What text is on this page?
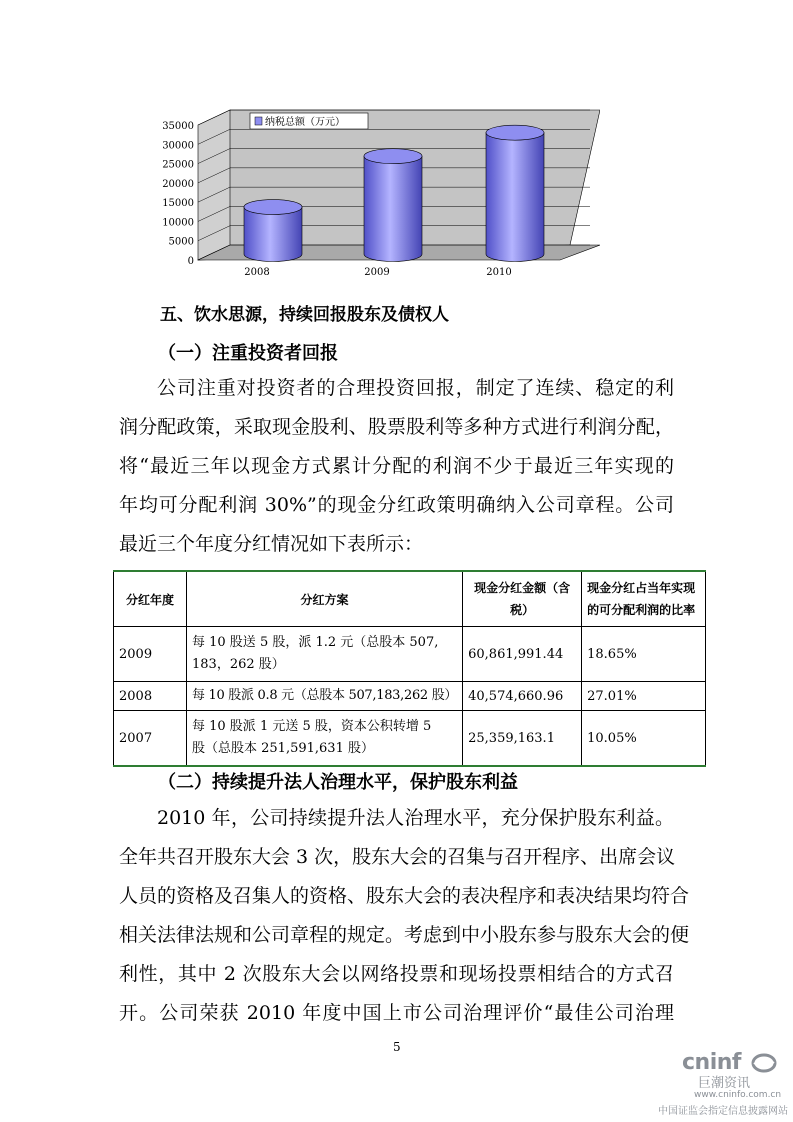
35000
30000
25000
20000
15000
10000
5000
0
2008	2009	2010
纳税总额（万元）
五、饮水思源，持续回报股东及债权人
（一）注重投资者回报
公司注重对投资者的合理投资回报，制定了连续、稳定的利
润分配政策，采取现金股利、股票股利等多种方式进行利润分配，
将“最近三年以现金方式累计分配的利润不少于最近三年实现的
年均可分配利润 30%”的现金分红政策明确纳入公司章程。公司
最近三个年度分红情况如下表所示：
分红年度	分红方案	现金分红金额（含税）	现金分红占当年实现的可分配利润的比率
2009	每 10 股送 5 股，派 1.2 元（总股本 507,
183，262 股）	60,861,991.44	18.65%
2008	每 10 股派 0.8 元（总股本 507,183,262 股）	40,574,660.96	27.01%
2007	每 10 股派 1 元送 5 股，资本公积转增 5
股（总股本 251,591,631 股）	25,359,163.1	10.05%
（二）持续提升法人治理水平，保护股东利益
2010 年，公司持续提升法人治理水平，充分保护股东利益。
全年共召开股东大会 3 次，股东大会的召集与召开程序、出席会议
人员的资格及召集人的资格、股东大会的表决程序和表决结果均符合
相关法律法规和公司章程的规定。考虑到中小股东参与股东大会的便
利性，其中 2 次股东大会以网络投票和现场投票相结合的方式召
开。公司荣获 2010 年度中国上市公司治理评价“最佳公司治理
5
cninf
巨潮资讯
www.cninfo.com.cn
中国证监会指定信息披露网站
